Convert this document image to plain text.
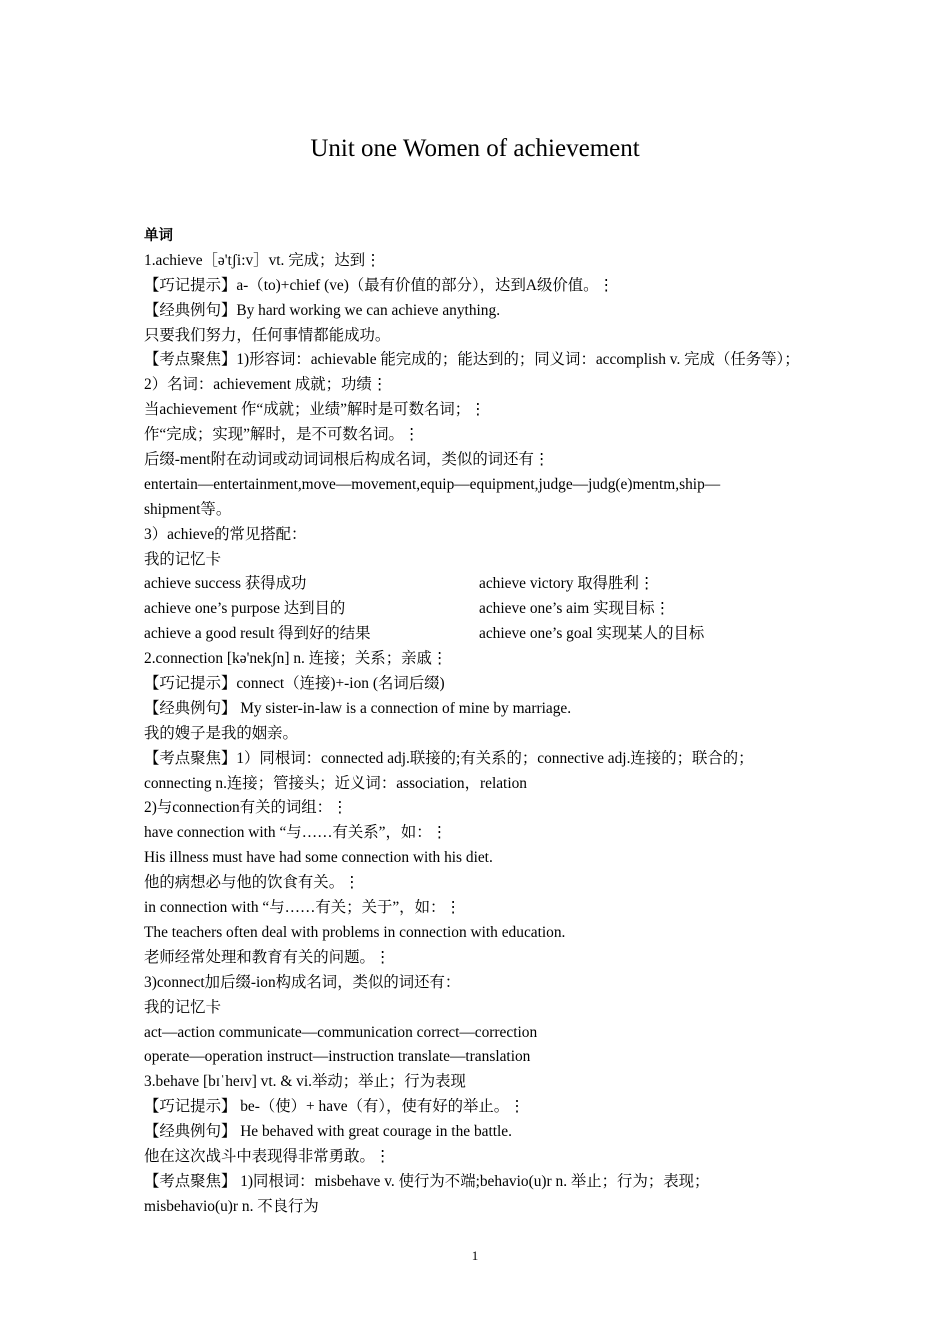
Unit one Women of achievement
单词
1.achieve［ə'tʃi:v］vt. 完成；达到⋮
【巧记提示】a-（to)+chief (ve)（最有价值的部分），达到A级价值。⋮
【经典例句】By hard working we can achieve anything.
只要我们努力，任何事情都能成功。
【考点聚焦】1)形容词：achievable 能完成的；能达到的；同义词：accomplish v. 完成（任务等）；
2）名词：achievement 成就；功绩⋮
当achievement 作“成就；业绩”解时是可数名词；⋮
作“完成；实现”解时，是不可数名词。⋮
后缀-ment附在动词或动词词根后构成名词，类似的词还有⋮
entertain—entertainment,move—movement,equip—equipment,judge—judg(e)mentm,ship—
shipment等。
3）achieve的常见搭配：
我的记忆卡
achieve success 获得成功	achieve victory 取得胜利⋮
achieve one’s purpose 达到目的	achieve one’s aim 实现目标⋮
achieve a good result 得到好的结果	achieve one’s goal 实现某人的目标
2.connection [kə'nekʃn] n. 连接；关系；亲戚⋮
【巧记提示】connect（连接)+-ion (名词后缀)
【经典例句】 My sister-in-law is a connection of mine by marriage.
我的嫂子是我的姻亲。
【考点聚焦】1）同根词：connected adj.联接的;有关系的；connective adj.连接的；联合的；
connecting n.连接；管接头；近义词：association，relation
2)与connection有关的词组：⋮
have connection with “与……有关系”，如：⋮
His illness must have had some connection with his diet.
他的病想必与他的饮食有关。⋮
in connection with “与……有关；关于”，如：⋮
The teachers often deal with problems in connection with education.
老师经常处理和教育有关的问题。⋮
3)connect加后缀-ion构成名词，类似的词还有：
我的记忆卡
act—action communicate—communication correct—correction
operate—operation instruct—instruction translate—translation
3.behave [bɪˈheɪv] vt. & vi.举动；举止；行为表现
【巧记提示】 be-（使）+ have（有），使有好的举止。⋮
【经典例句】 He behaved with great courage in the battle.
他在这次战斗中表现得非常勇敢。⋮
【考点聚焦】 1)同根词：misbehave v. 使行为不端;behavio(u)r n. 举止；行为；表现；
misbehavio(u)r n. 不良行为
1
